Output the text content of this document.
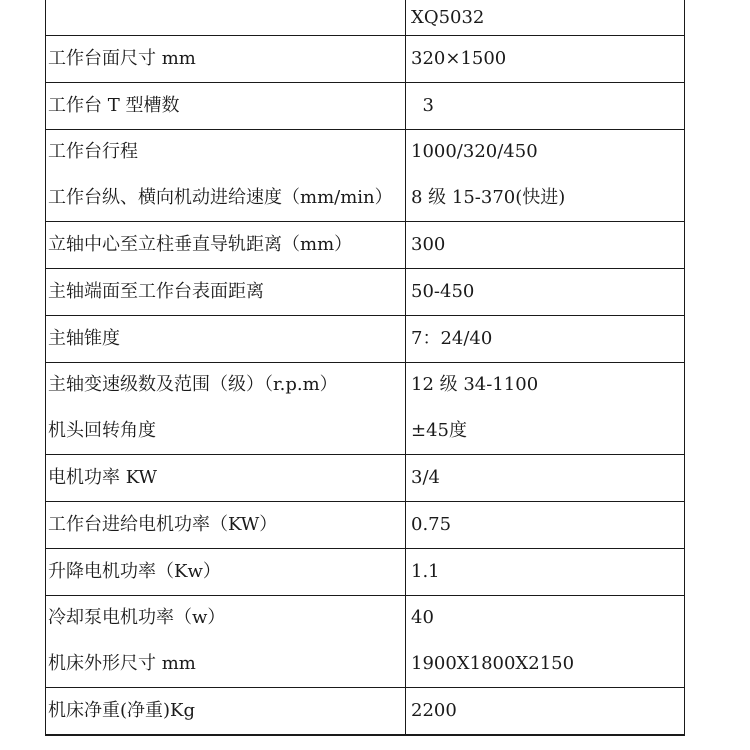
	XQ5032
工作台面尺寸 mm	320×1500
工作台 T 型槽数	3
工作台行程	1000/320/450
工作台纵、横向机动进给速度（mm/min）	8 级 15-370(快进)
立轴中心至立柱垂直导轨距离（mm）	300
主轴端面至工作台表面距离	50-450
主轴锥度	7：24/40
主轴变速级数及范围（级）（r.p.m）	12 级 34-1100
机头回转角度	±45度
电机功率 KW	3/4
工作台进给电机功率（KW）	0.75
升降电机功率（Kw）	1.1
冷却泵电机功率（w）	40
机床外形尺寸 mm	1900X1800X2150
机床净重(净重)Kg	2200
